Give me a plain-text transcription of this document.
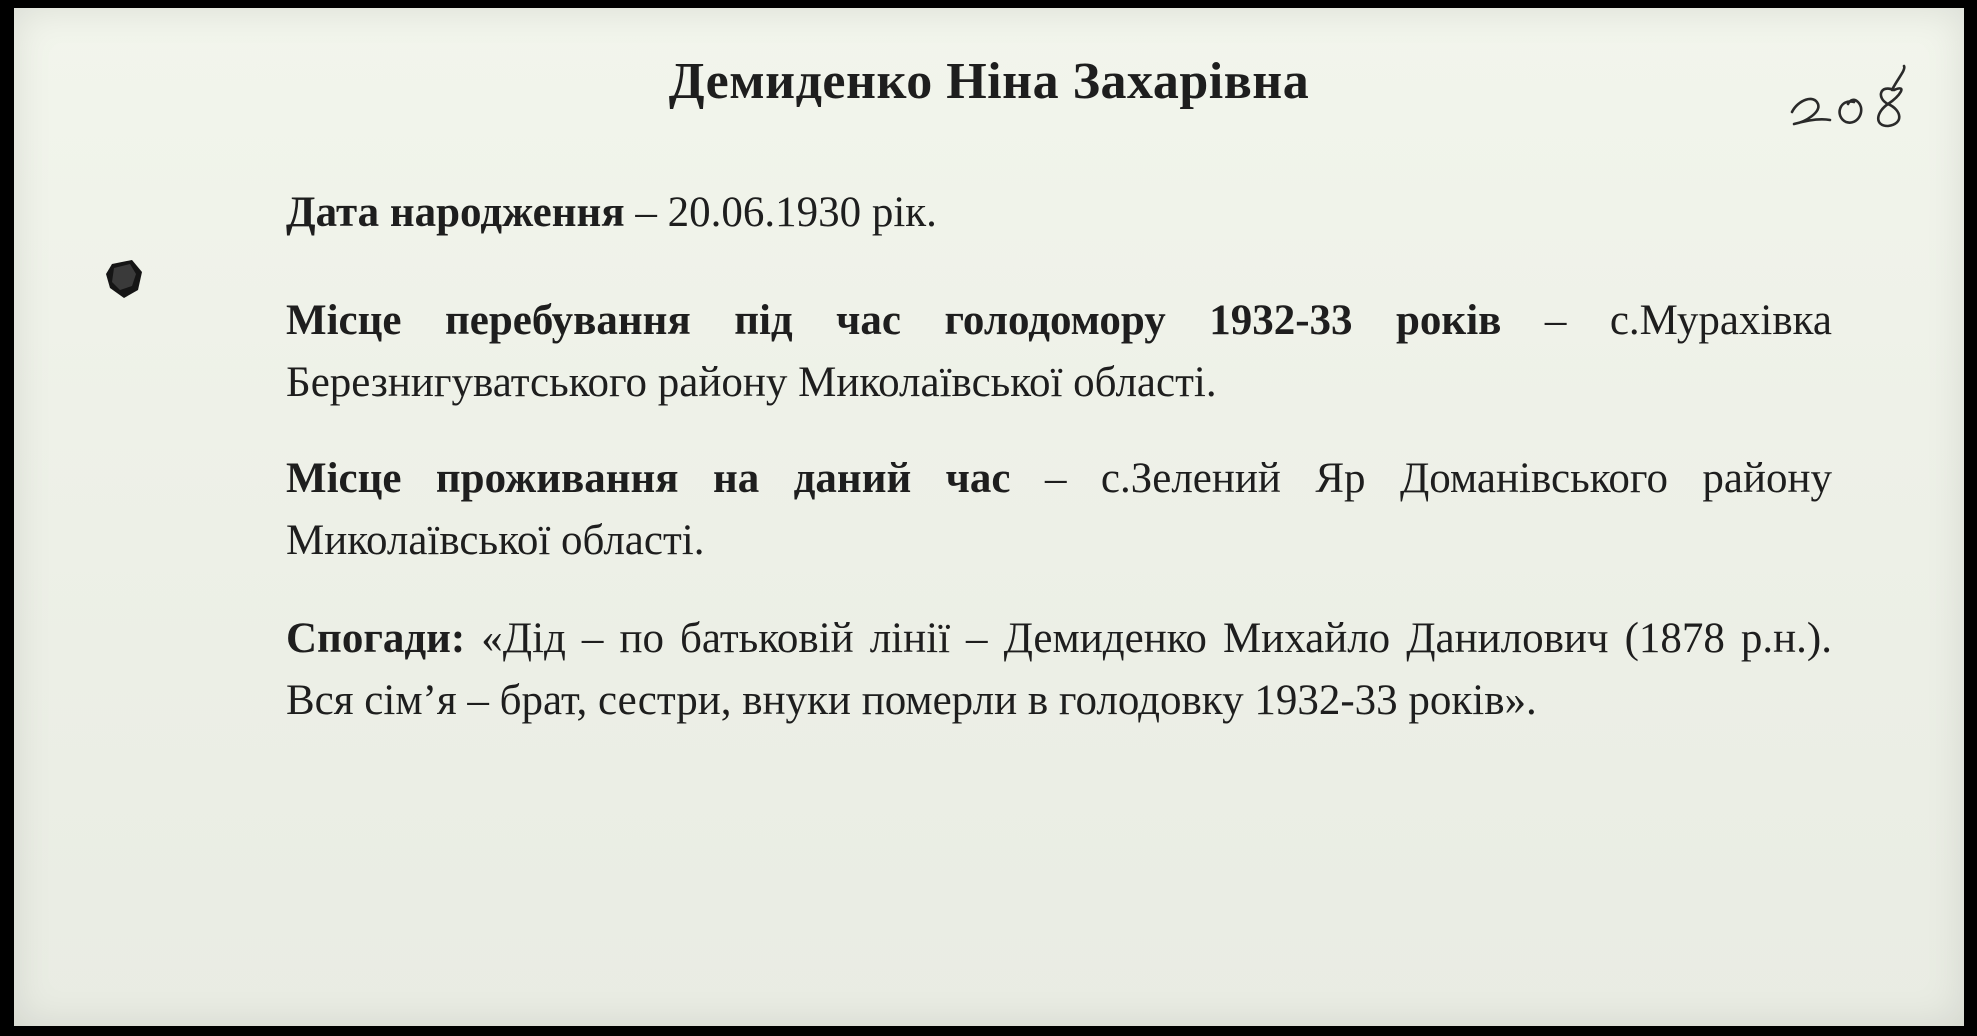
Демиденко Ніна Захарівна

Дата народження – 20.06.1930 рік.

Місце перебування під час голодомору 1932-33 років – с.Мурахівка Березнигуватського району Миколаївської області.

Місце проживання на даний час – с.Зелений Яр Доманівського району Миколаївської області.

Спогади: «Дід – по батьковій лінії – Демиденко Михайло Данилович (1878 р.н.). Вся сім’я – брат, сестри, внуки померли в голодовку 1932-33 років».
